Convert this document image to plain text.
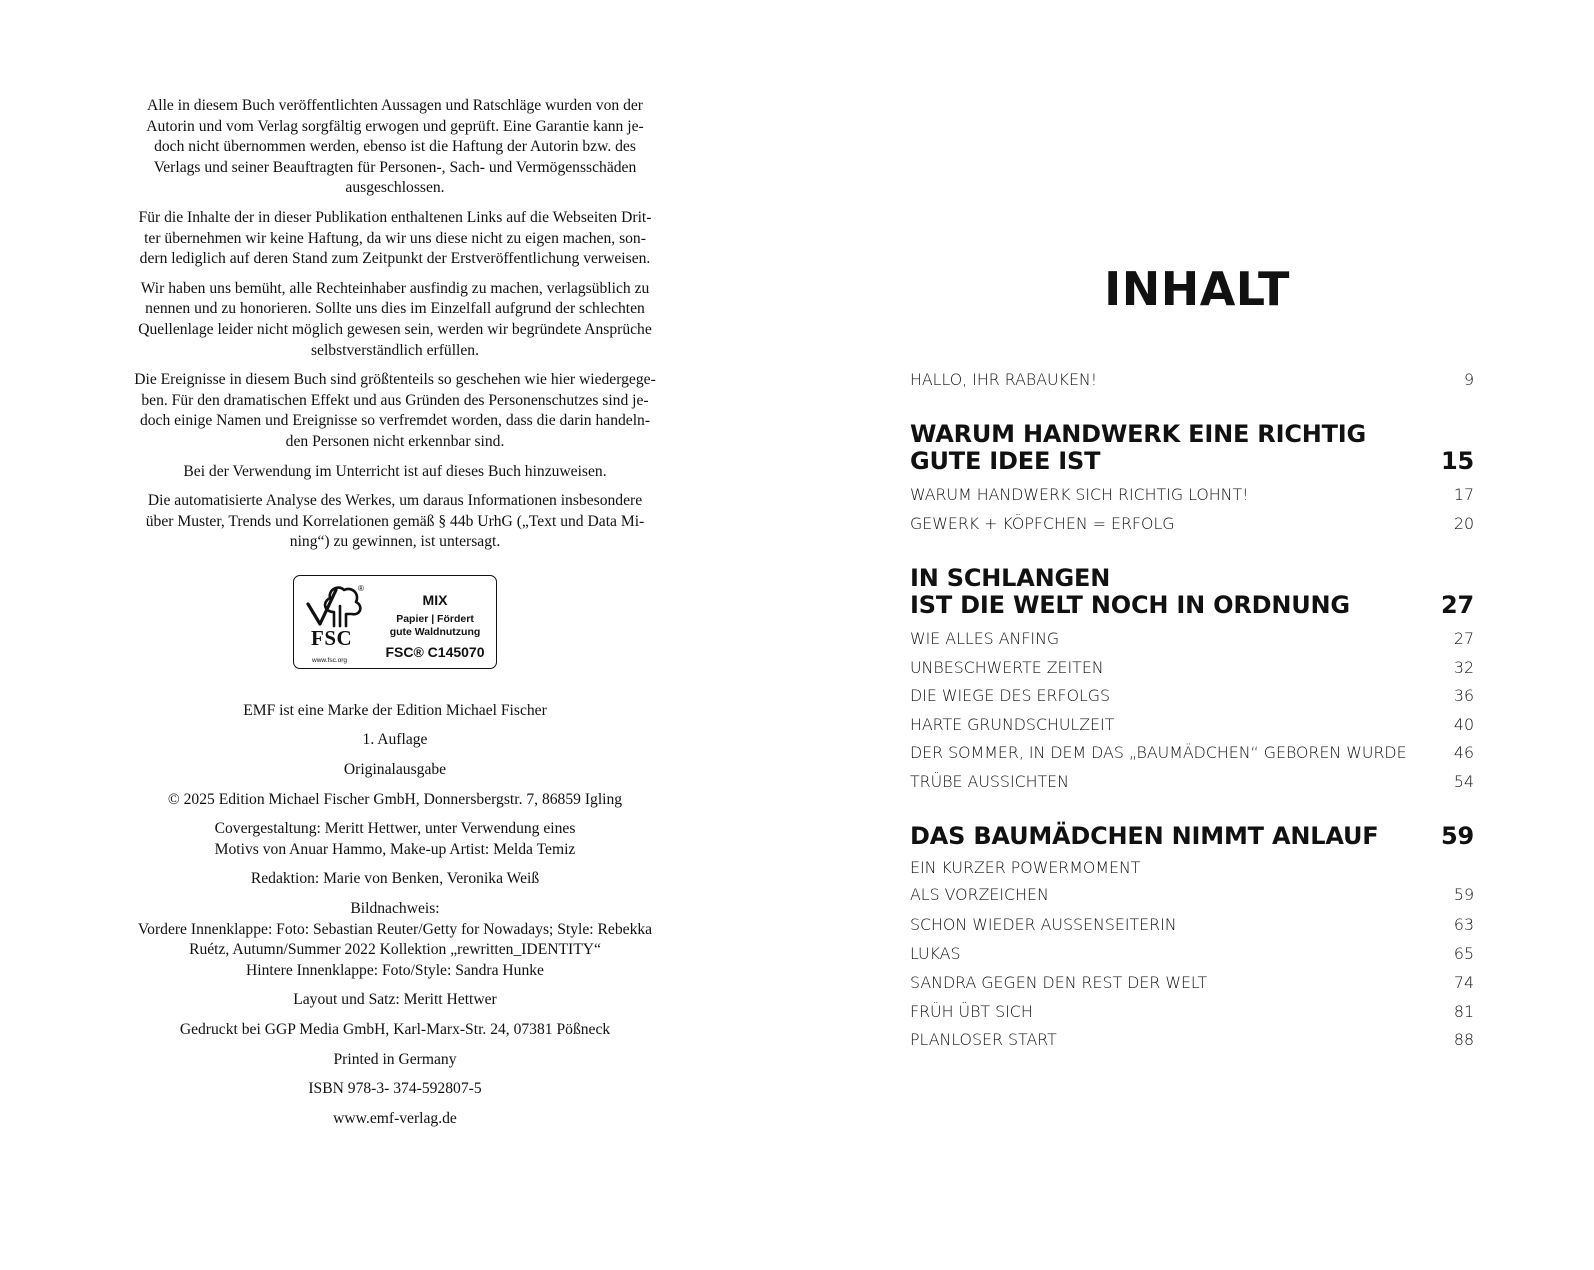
Alle in diesem Buch veröffentlichten Aussagen und Ratschläge wurden von der
Autorin und vom Verlag sorgfältig erwogen und geprüft. Eine Garantie kann je-
doch nicht übernommen werden, ebenso ist die Haftung der Autorin bzw. des
Verlags und seiner Beauftragten für Personen-, Sach- und Vermögensschäden
ausgeschlossen.

Für die Inhalte der in dieser Publikation enthaltenen Links auf die Webseiten Drit-
ter übernehmen wir keine Haftung, da wir uns diese nicht zu eigen machen, son-
dern lediglich auf deren Stand zum Zeitpunkt der Erstveröffentlichung verweisen.

Wir haben uns bemüht, alle Rechteinhaber ausfindig zu machen, verlagsüblich zu
nennen und zu honorieren. Sollte uns dies im Einzelfall aufgrund der schlechten
Quellenlage leider nicht möglich gewesen sein, werden wir begründete Ansprüche
selbstverständlich erfüllen.

Die Ereignisse in diesem Buch sind größtenteils so geschehen wie hier wiedergege-
ben. Für den dramatischen Effekt und aus Gründen des Personenschutzes sind je-
doch einige Namen und Ereignisse so verfremdet worden, dass die darin handeln-
den Personen nicht erkennbar sind.

Bei der Verwendung im Unterricht ist auf dieses Buch hinzuweisen.

Die automatisierte Analyse des Werkes, um daraus Informationen insbesondere
über Muster, Trends und Korrelationen gemäß § 44b UrhG („Text und Data Mi-
ning“) zu gewinnen, ist untersagt.

®
FSC
www.fsc.org
MIX
Papier | Fördert
gute Waldnutzung
FSC® C145070

EMF ist eine Marke der Edition Michael Fischer

1. Auflage

Originalausgabe

© 2025 Edition Michael Fischer GmbH, Donnersbergstr. 7, 86859 Igling

Covergestaltung: Meritt Hettwer, unter Verwendung eines
Motivs von Anuar Hammo, Make-up Artist: Melda Temiz

Redaktion: Marie von Benken, Veronika Weiß

Bildnachweis:
Vordere Innenklappe: Foto: Sebastian Reuter/Getty for Nowadays; Style: Rebekka
Ruétz, Autumn/Summer 2022 Kollektion „rewritten_IDENTITY“
Hintere Innenklappe: Foto/Style: Sandra Hunke

Layout und Satz: Meritt Hettwer

Gedruckt bei GGP Media GmbH, Karl-Marx-Str. 24, 07381 Pößneck

Printed in Germany

ISBN 978-3- 374-592807-5

www.emf-verlag.de

INHALT
HALLO, IHR RABAUKEN!	9
WARUM HANDWERK EINE RICHTIG
GUTE IDEE IST	15
WARUM HANDWERK SICH RICHTIG LOHNT!	17
GEWERK + KÖPFCHEN = ERFOLG	20
IN SCHLANGEN
IST DIE WELT NOCH IN ORDNUNG	27
WIE ALLES ANFING	27
UNBESCHWERTE ZEITEN	32
DIE WIEGE DES ERFOLGS	36
HARTE GRUNDSCHULZEIT	40
DER SOMMER, IN DEM DAS „BAUMÄDCHEN“ GEBOREN WURDE	46
TRÜBE AUSSICHTEN	54
DAS BAUMÄDCHEN NIMMT ANLAUF	59
EIN KURZER POWERMOMENT
ALS VORZEICHEN	59
SCHON WIEDER AUSSENSEITERIN	63
LUKAS	65
SANDRA GEGEN DEN REST DER WELT	74
FRÜH ÜBT SICH	81
PLANLOSER START	88
